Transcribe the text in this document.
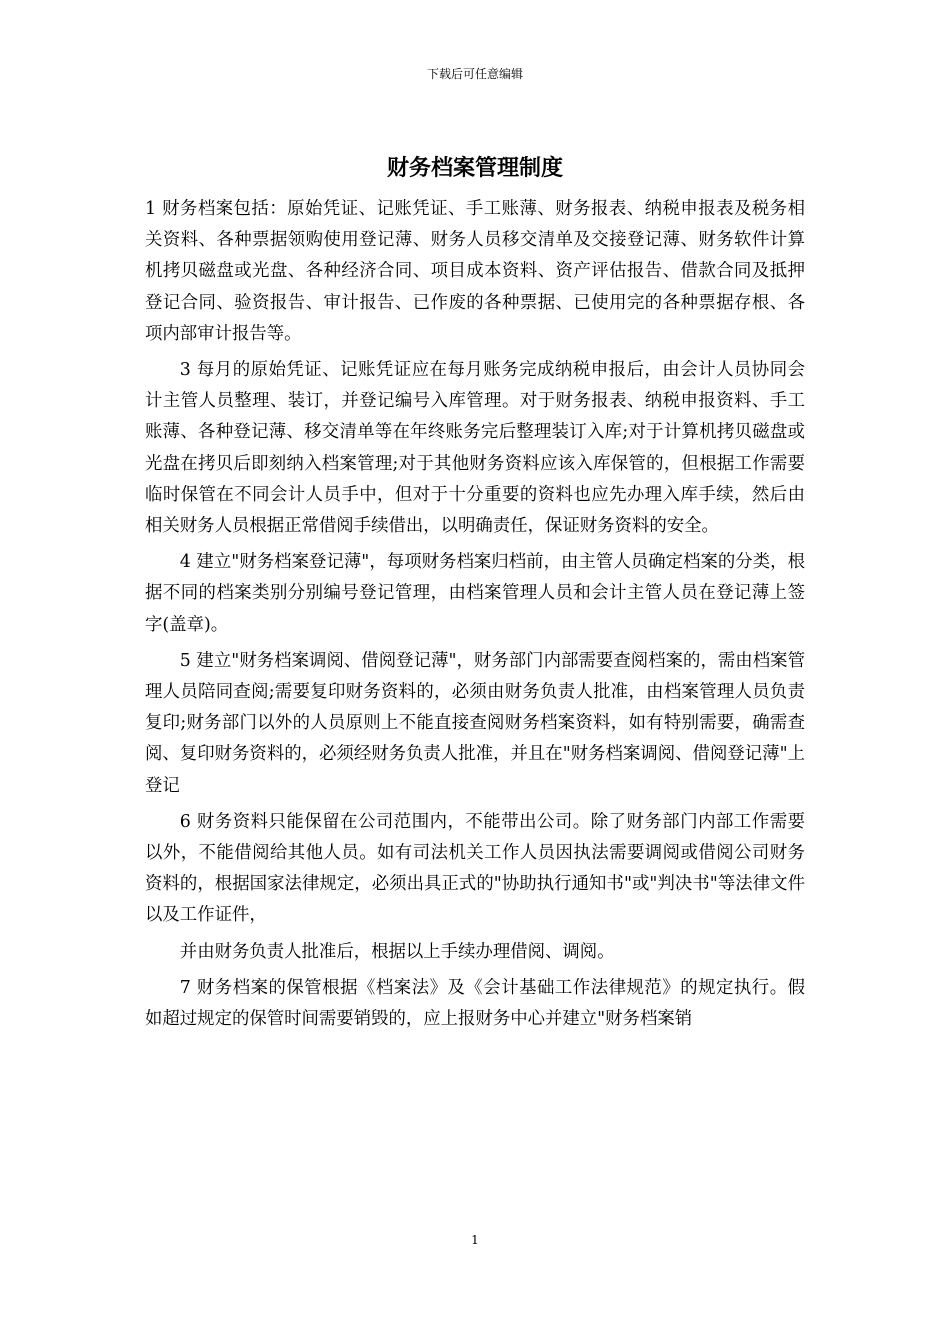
下载后可任意编辑
财务档案管理制度

1 财务档案包括：原始凭证、记账凭证、手工账薄、财务报表、纳税申报表及税务相关资料、各种票据领购使用登记薄、财务人员移交清单及交接登记薄、财务软件计算机拷贝磁盘或光盘、各种经济合同、项目成本资料、资产评估报告、借款合同及抵押登记合同、验资报告、审计报告、已作废的各种票据、已使用完的各种票据存根、各项内部审计报告等。

3 每月的原始凭证、记账凭证应在每月账务完成纳税申报后，由会计人员协同会计主管人员整理、装订，并登记编号入库管理。对于财务报表、纳税申报资料、手工账薄、各种登记薄、移交清单等在年终账务完后整理装订入库;对于计算机拷贝磁盘或光盘在拷贝后即刻纳入档案管理;对于其他财务资料应该入库保管的，但根据工作需要临时保管在不同会计人员手中，但对于十分重要的资料也应先办理入库手续，然后由相关财务人员根据正常借阅手续借出，以明确责任，保证财务资料的安全。

4 建立"财务档案登记薄"，每项财务档案归档前，由主管人员确定档案的分类，根据不同的档案类别分别编号登记管理，由档案管理人员和会计主管人员在登记薄上签字(盖章)。

5 建立"财务档案调阅、借阅登记薄"，财务部门内部需要查阅档案的，需由档案管理人员陪同查阅;需要复印财务资料的，必须由财务负责人批准，由档案管理人员负责复印;财务部门以外的人员原则上不能直接查阅财务档案资料，如有特别需要，确需查阅、复印财务资料的，必须经财务负责人批准，并且在"财务档案调阅、借阅登记薄"上登记

6 财务资料只能保留在公司范围内，不能带出公司。除了财务部门内部工作需要以外，不能借阅给其他人员。如有司法机关工作人员因执法需要调阅或借阅公司财务资料的，根据国家法律规定，必须出具正式的"协助执行通知书"或"判决书"等法律文件以及工作证件，

并由财务负责人批准后，根据以上手续办理借阅、调阅。

7 财务档案的保管根据《档案法》及《会计基础工作法律规范》的规定执行。假如超过规定的保管时间需要销毁的，应上报财务中心并建立"财务档案销

1
